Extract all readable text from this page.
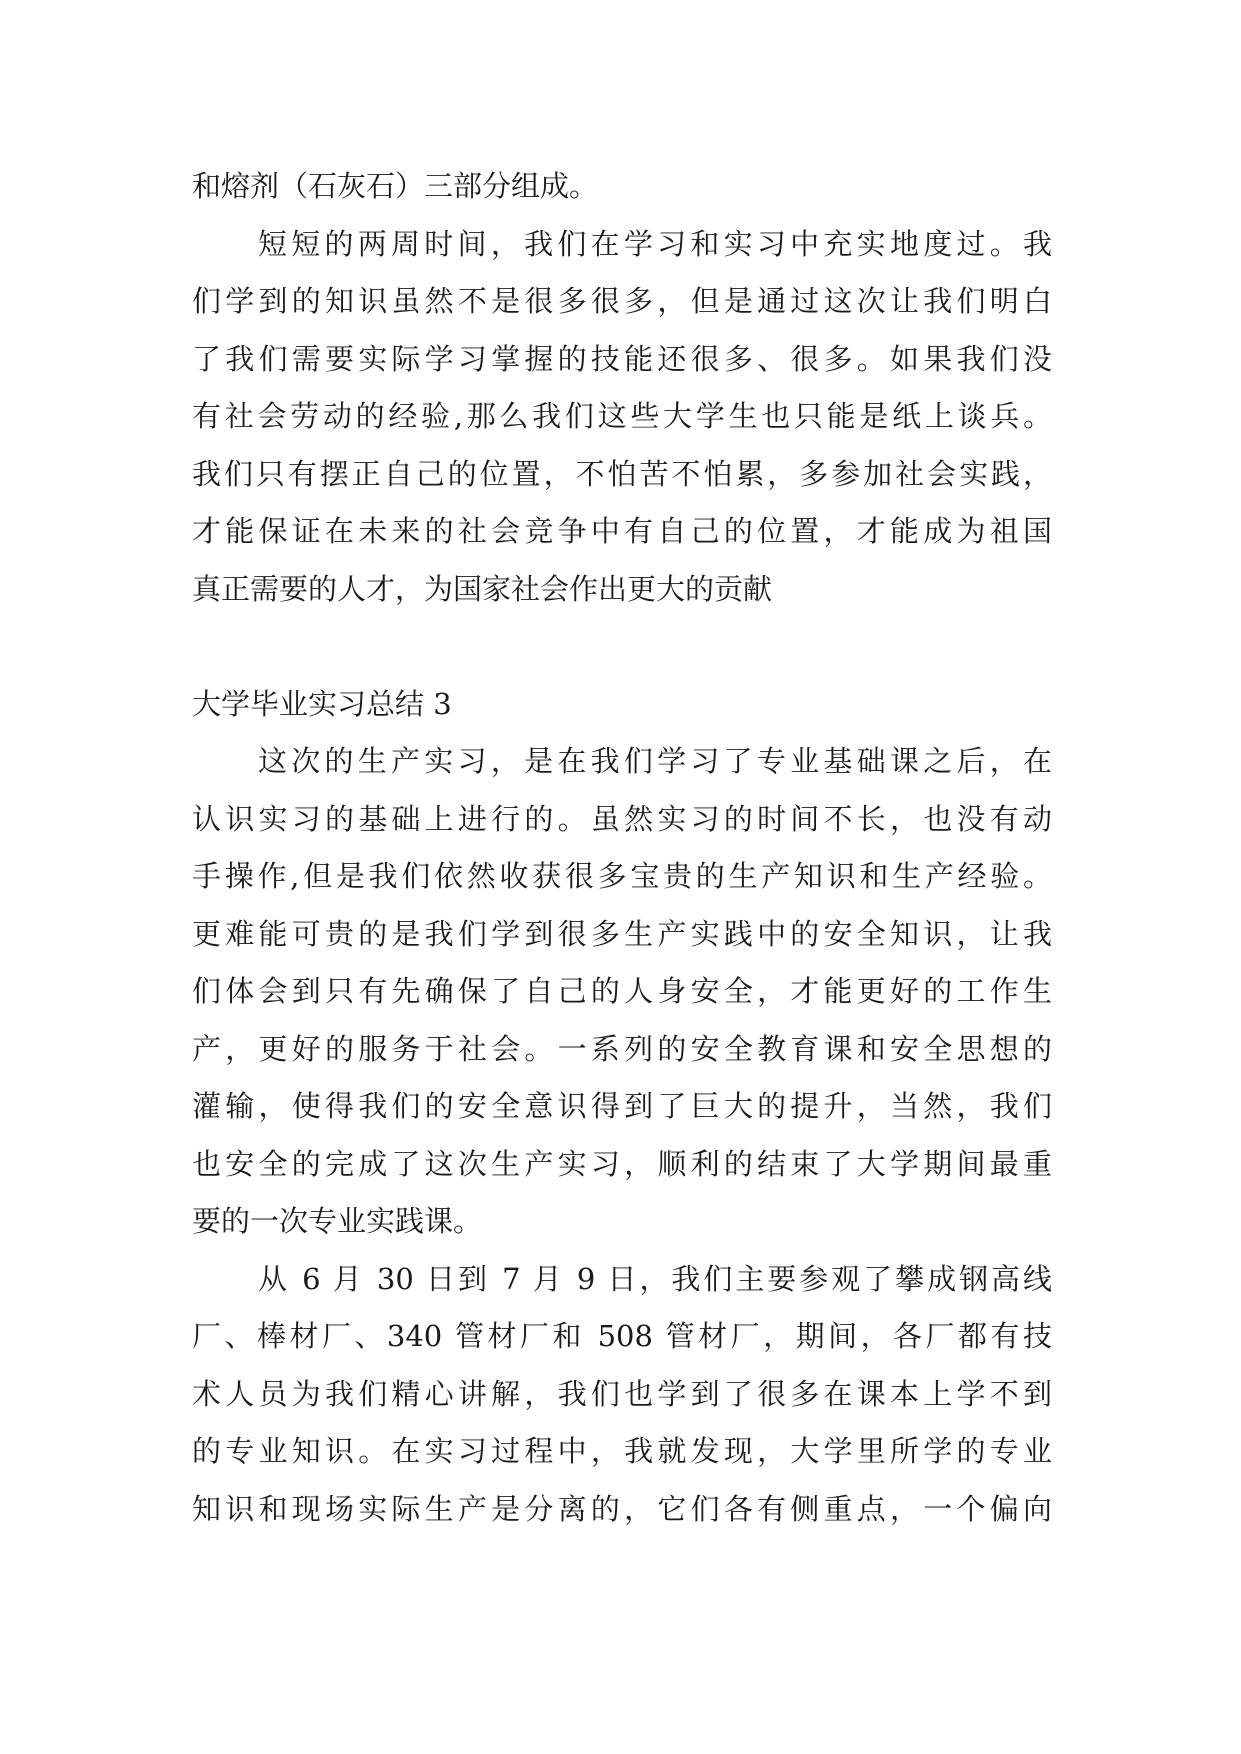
和熔剂（石灰石）三部分组成。
短短的两周时间，我们在学习和实习中充实地度过。我
们学到的知识虽然不是很多很多，但是通过这次让我们明白
了我们需要实际学习掌握的技能还很多、很多。如果我们没
有社会劳动的经验,那么我们这些大学生也只能是纸上谈兵。
我们只有摆正自己的位置，不怕苦不怕累，多参加社会实践，
才能保证在未来的社会竞争中有自己的位置，才能成为祖国
真正需要的人才，为国家社会作出更大的贡献
大学毕业实习总结 3
这次的生产实习，是在我们学习了专业基础课之后，在
认识实习的基础上进行的。虽然实习的时间不长，也没有动
手操作,但是我们依然收获很多宝贵的生产知识和生产经验。
更难能可贵的是我们学到很多生产实践中的安全知识，让我
们体会到只有先确保了自己的人身安全，才能更好的工作生
产，更好的服务于社会。一系列的安全教育课和安全思想的
灌输，使得我们的安全意识得到了巨大的提升，当然，我们
也安全的完成了这次生产实习，顺利的结束了大学期间最重
要的一次专业实践课。
从 6 月 30 日到 7 月 9 日，我们主要参观了攀成钢高线
厂、棒材厂、340 管材厂和 508 管材厂，期间，各厂都有技
术人员为我们精心讲解，我们也学到了很多在课本上学不到
的专业知识。在实习过程中，我就发现，大学里所学的专业
知识和现场实际生产是分离的，它们各有侧重点，一个偏向
